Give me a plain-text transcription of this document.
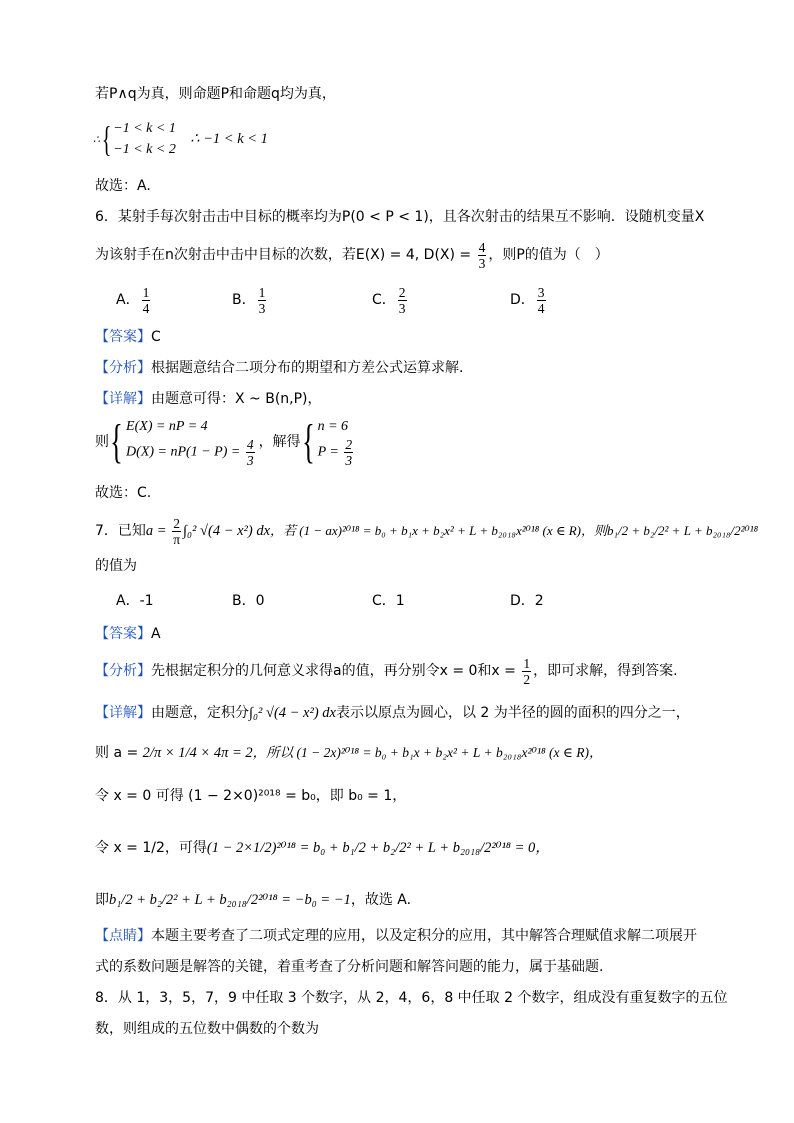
若P∧q为真，则命题P和命题q均为真，
∴{ −1 < k < 1
−1 < k < 2
∴ −1 < k < 1
故选：A.
6．某射手每次射击击中目标的概率均为P(0 < P < 1)，且各次射击的结果互不影响．设随机变量X
为该射手在n次射击中击中目标的次数，若E(X) = 4, $D(X) = \frac{4}{3}$ ，则P的值为（　）
A． $\frac{1}{4}$	B． $\frac{1}{3}$	C． $\frac{2}{3}$	D． $\frac{3}{4}$
【答案】C
【分析】根据题意结合二项分布的期望和方差公式运算求解.
【详解】由题意可得：X ~ B(n,P)，
则{ E(X) = nP = 4
$D(X) = nP(1 - P) = \frac{4}{3}$ ，解得{ n = 6
$P = \frac{2}{3}$
故选：C.
7．已知$a = \frac{2}{\pi} \int_0^2$ √(4 − x²) dx，若 (1 − ax)²⁰¹⁸ = b₀ + b₁x + b₂x² + L + b₂₀₁₈x²⁰¹⁸ (x ∈ R)，则b₁/2 + b₂/2² + L + b₂₀₁₈/2²⁰¹⁸
的值为
A．-1	B．0	C．1	D．2
【答案】A
【分析】先根据定积分的几何意义求得a的值，再分别令x = 0和$x = \frac{1}{2}$ ，即可求解，得到答案.
【详解】由题意，定积分∫₀² √(4 − x²) dx表示以原点为圆心，以 2 为半径的圆的面积的四分之一，
则 a = 2/π × 1/4 × 4π = 2，所以 (1 − 2x)²⁰¹⁸ = b₀ + b₁x + b₂x² + L + b₂₀₁₈x²⁰¹⁸ (x ∈ R)，
令 x = 0 可得 (1 − 2×0)²⁰¹⁸ = b₀，即 b₀ = 1，
令 x = 1/2，可得(1 − 2×1/2)²⁰¹⁸ = b₀ + b₁/2 + b₂/2² + L + b₂₀₁₈/2²⁰¹⁸ = 0，
即b₁/2 + b₂/2² + L + b₂₀₁₈/2²⁰¹⁸ = −b₀ = −1，故选 A.
【点睛】本题主要考查了二项式定理的应用，以及定积分的应用，其中解答合理赋值求解二项展开
式的系数问题是解答的关键，着重考查了分析问题和解答问题的能力，属于基础题.
8．从 1，3，5，7，9 中任取 3 个数字，从 2，4，6，8 中任取 2 个数字，组成没有重复数字的五位
数，则组成的五位数中偶数的个数为
